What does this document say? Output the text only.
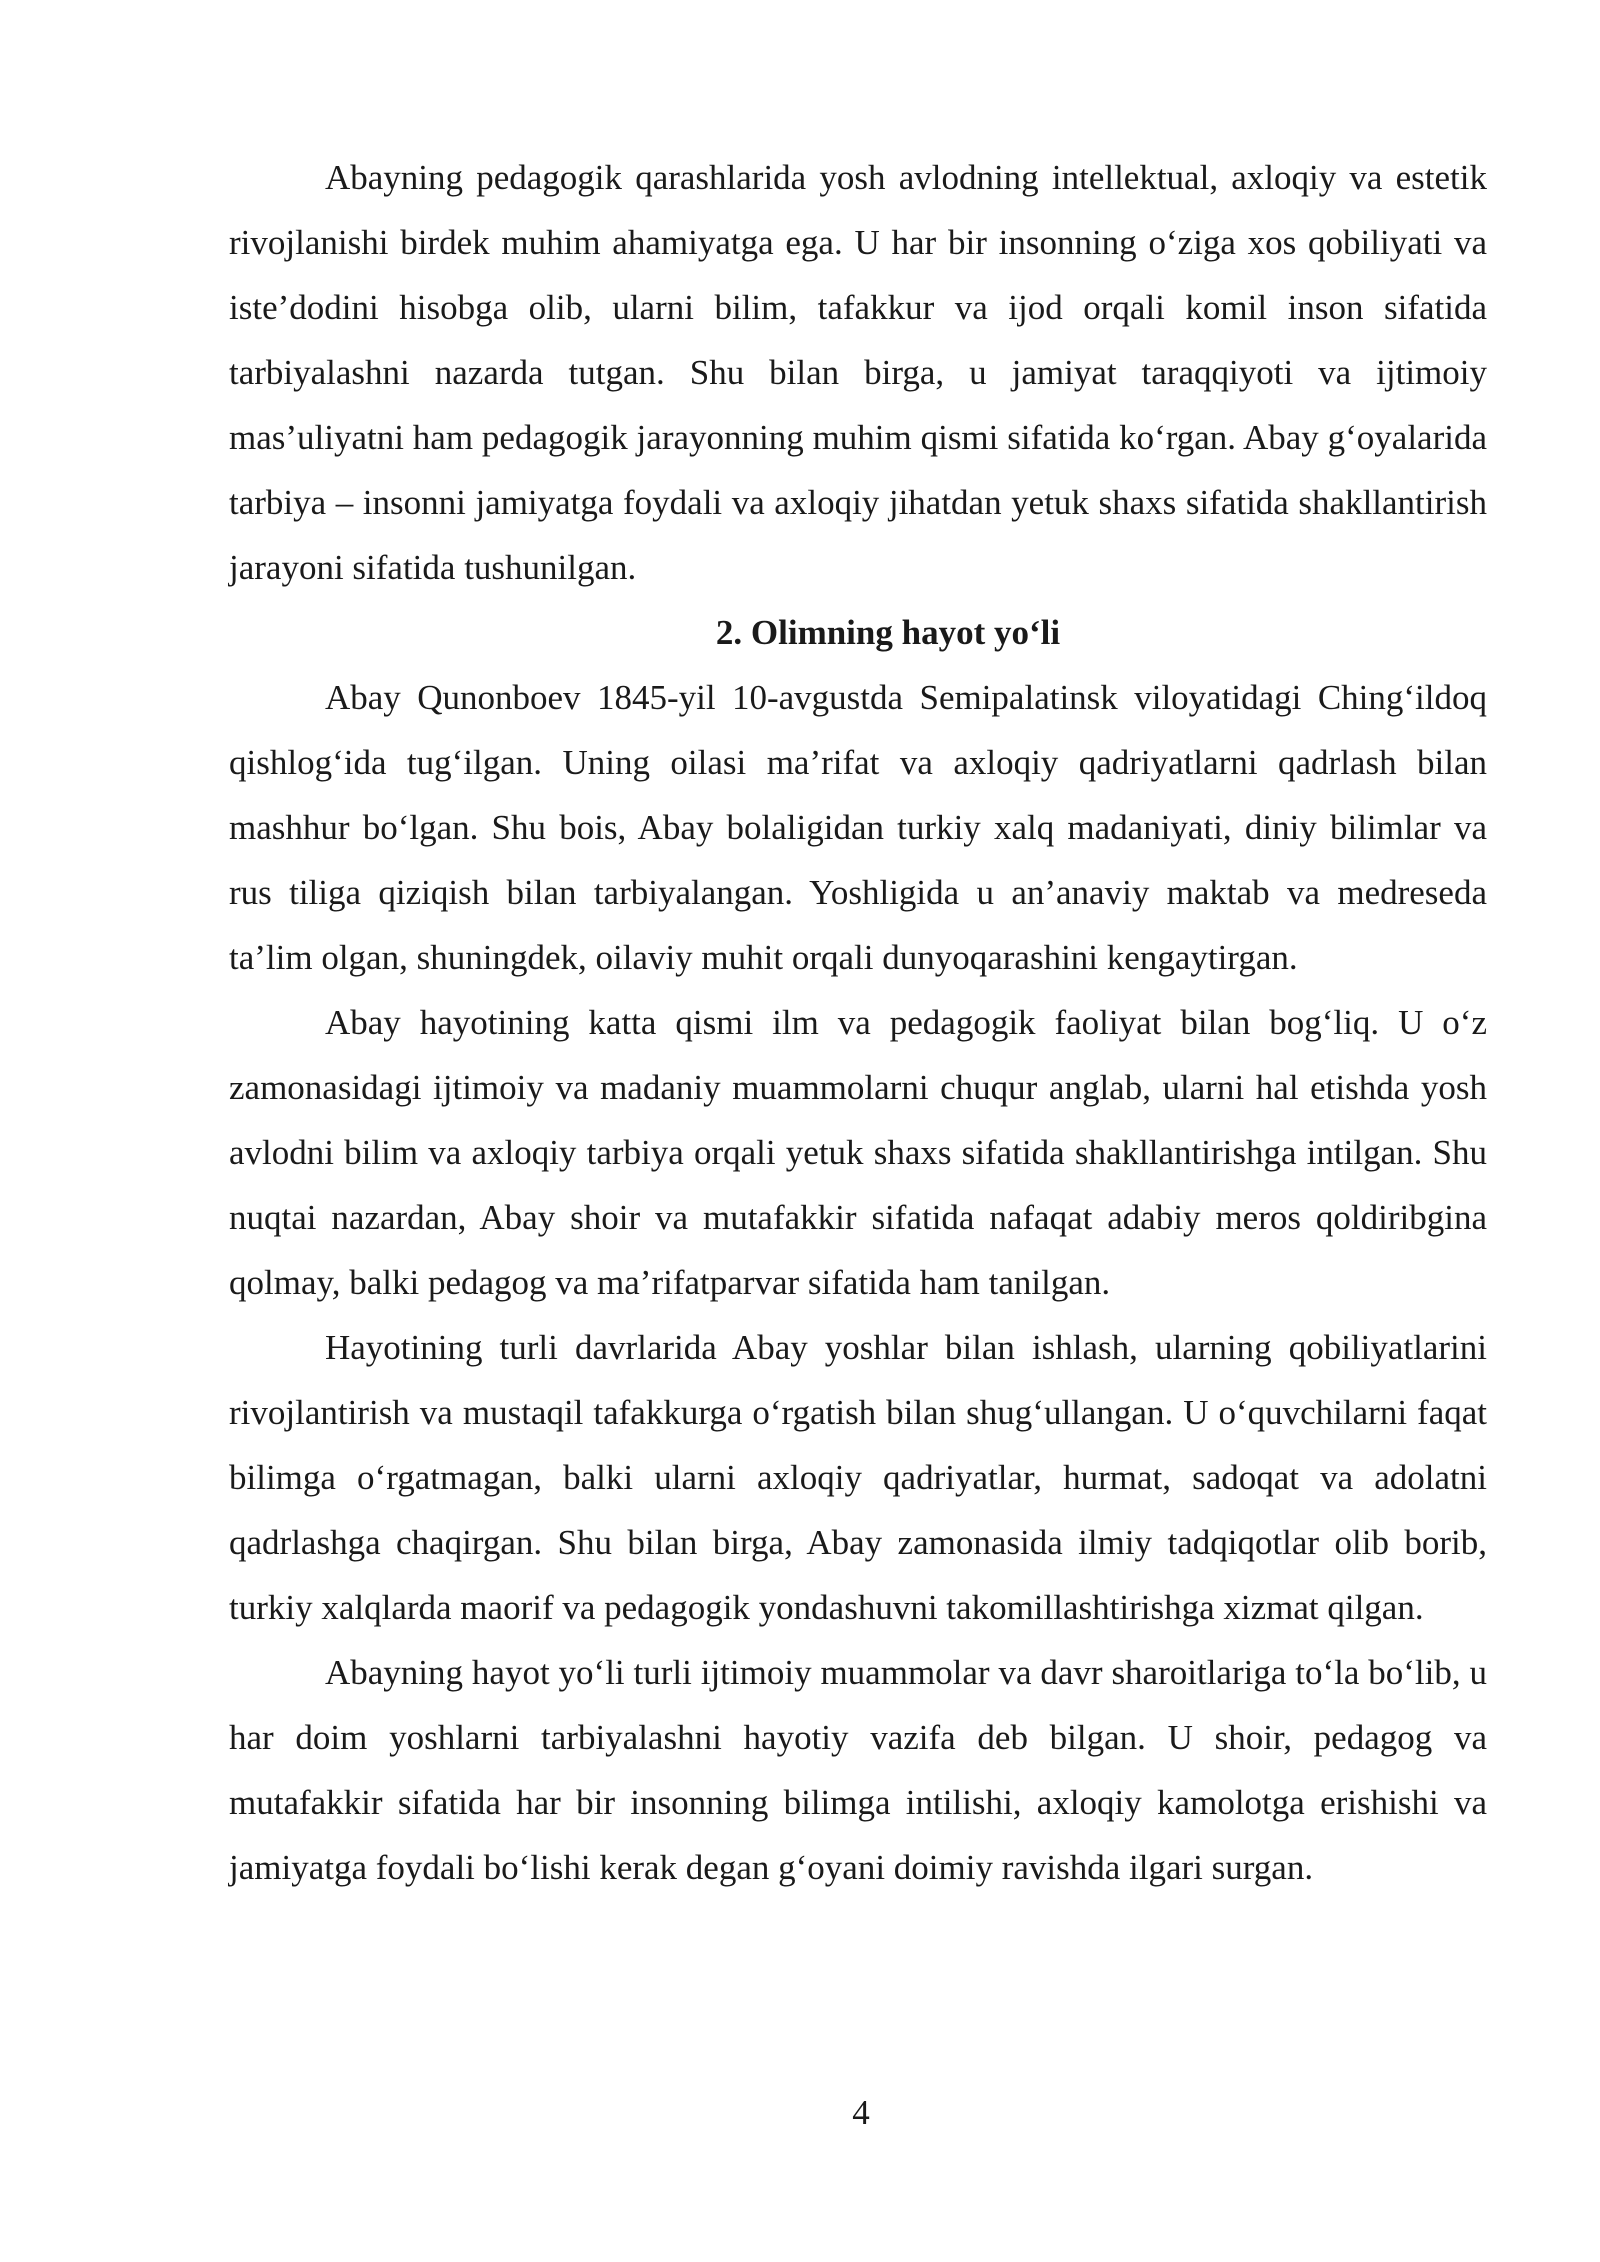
Abayning pedagogik qarashlarida yosh avlodning intellektual, axloqiy va estetik rivojlanishi birdek muhim ahamiyatga ega. U har bir insonning o‘ziga xos qobiliyati va iste’dodini hisobga olib, ularni bilim, tafakkur va ijod orqali komil inson sifatida tarbiyalashni nazarda tutgan. Shu bilan birga, u jamiyat taraqqiyoti va ijtimoiy mas’uliyatni ham pedagogik jarayonning muhim qismi sifatida ko‘rgan. Abay g‘oyalarida tarbiya – insonni jamiyatga foydali va axloqiy jihatdan yetuk shaxs sifatida shakllantirish jarayoni sifatida tushunilgan.

2. Olimning hayot yo‘li

Abay Qunonboev 1845-yil 10-avgustda Semipalatinsk viloyatidagi Ching‘ildoq qishlog‘ida tug‘ilgan. Uning oilasi ma’rifat va axloqiy qadriyatlarni qadrlash bilan mashhur bo‘lgan. Shu bois, Abay bolaligidan turkiy xalq madaniyati, diniy bilimlar va rus tiliga qiziqish bilan tarbiyalangan. Yoshligida u an’anaviy maktab va medreseda ta’lim olgan, shuningdek, oilaviy muhit orqali dunyoqarashini kengaytirgan.

Abay hayotining katta qismi ilm va pedagogik faoliyat bilan bog‘liq. U o‘z zamonasidagi ijtimoiy va madaniy muammolarni chuqur anglab, ularni hal etishda yosh avlodni bilim va axloqiy tarbiya orqali yetuk shaxs sifatida shakllantirishga intilgan. Shu nuqtai nazardan, Abay shoir va mutafakkir sifatida nafaqat adabiy meros qoldiribgina qolmay, balki pedagog va ma’rifatparvar sifatida ham tanilgan.

Hayotining turli davrlarida Abay yoshlar bilan ishlash, ularning qobiliyatlarini rivojlantirish va mustaqil tafakkurga o‘rgatish bilan shug‘ullangan. U o‘quvchilarni faqat bilimga o‘rgatmagan, balki ularni axloqiy qadriyatlar, hurmat, sadoqat va adolatni qadrlashga chaqirgan. Shu bilan birga, Abay zamonasida ilmiy tadqiqotlar olib borib, turkiy xalqlarda maorif va pedagogik yondashuvni takomillashtirishga xizmat qilgan.

Abayning hayot yo‘li turli ijtimoiy muammolar va davr sharoitlariga to‘la bo‘lib, u har doim yoshlarni tarbiyalashni hayotiy vazifa deb bilgan. U shoir, pedagog va mutafakkir sifatida har bir insonning bilimga intilishi, axloqiy kamolotga erishishi va jamiyatga foydali bo‘lishi kerak degan g‘oyani doimiy ravishda ilgari surgan.

4
